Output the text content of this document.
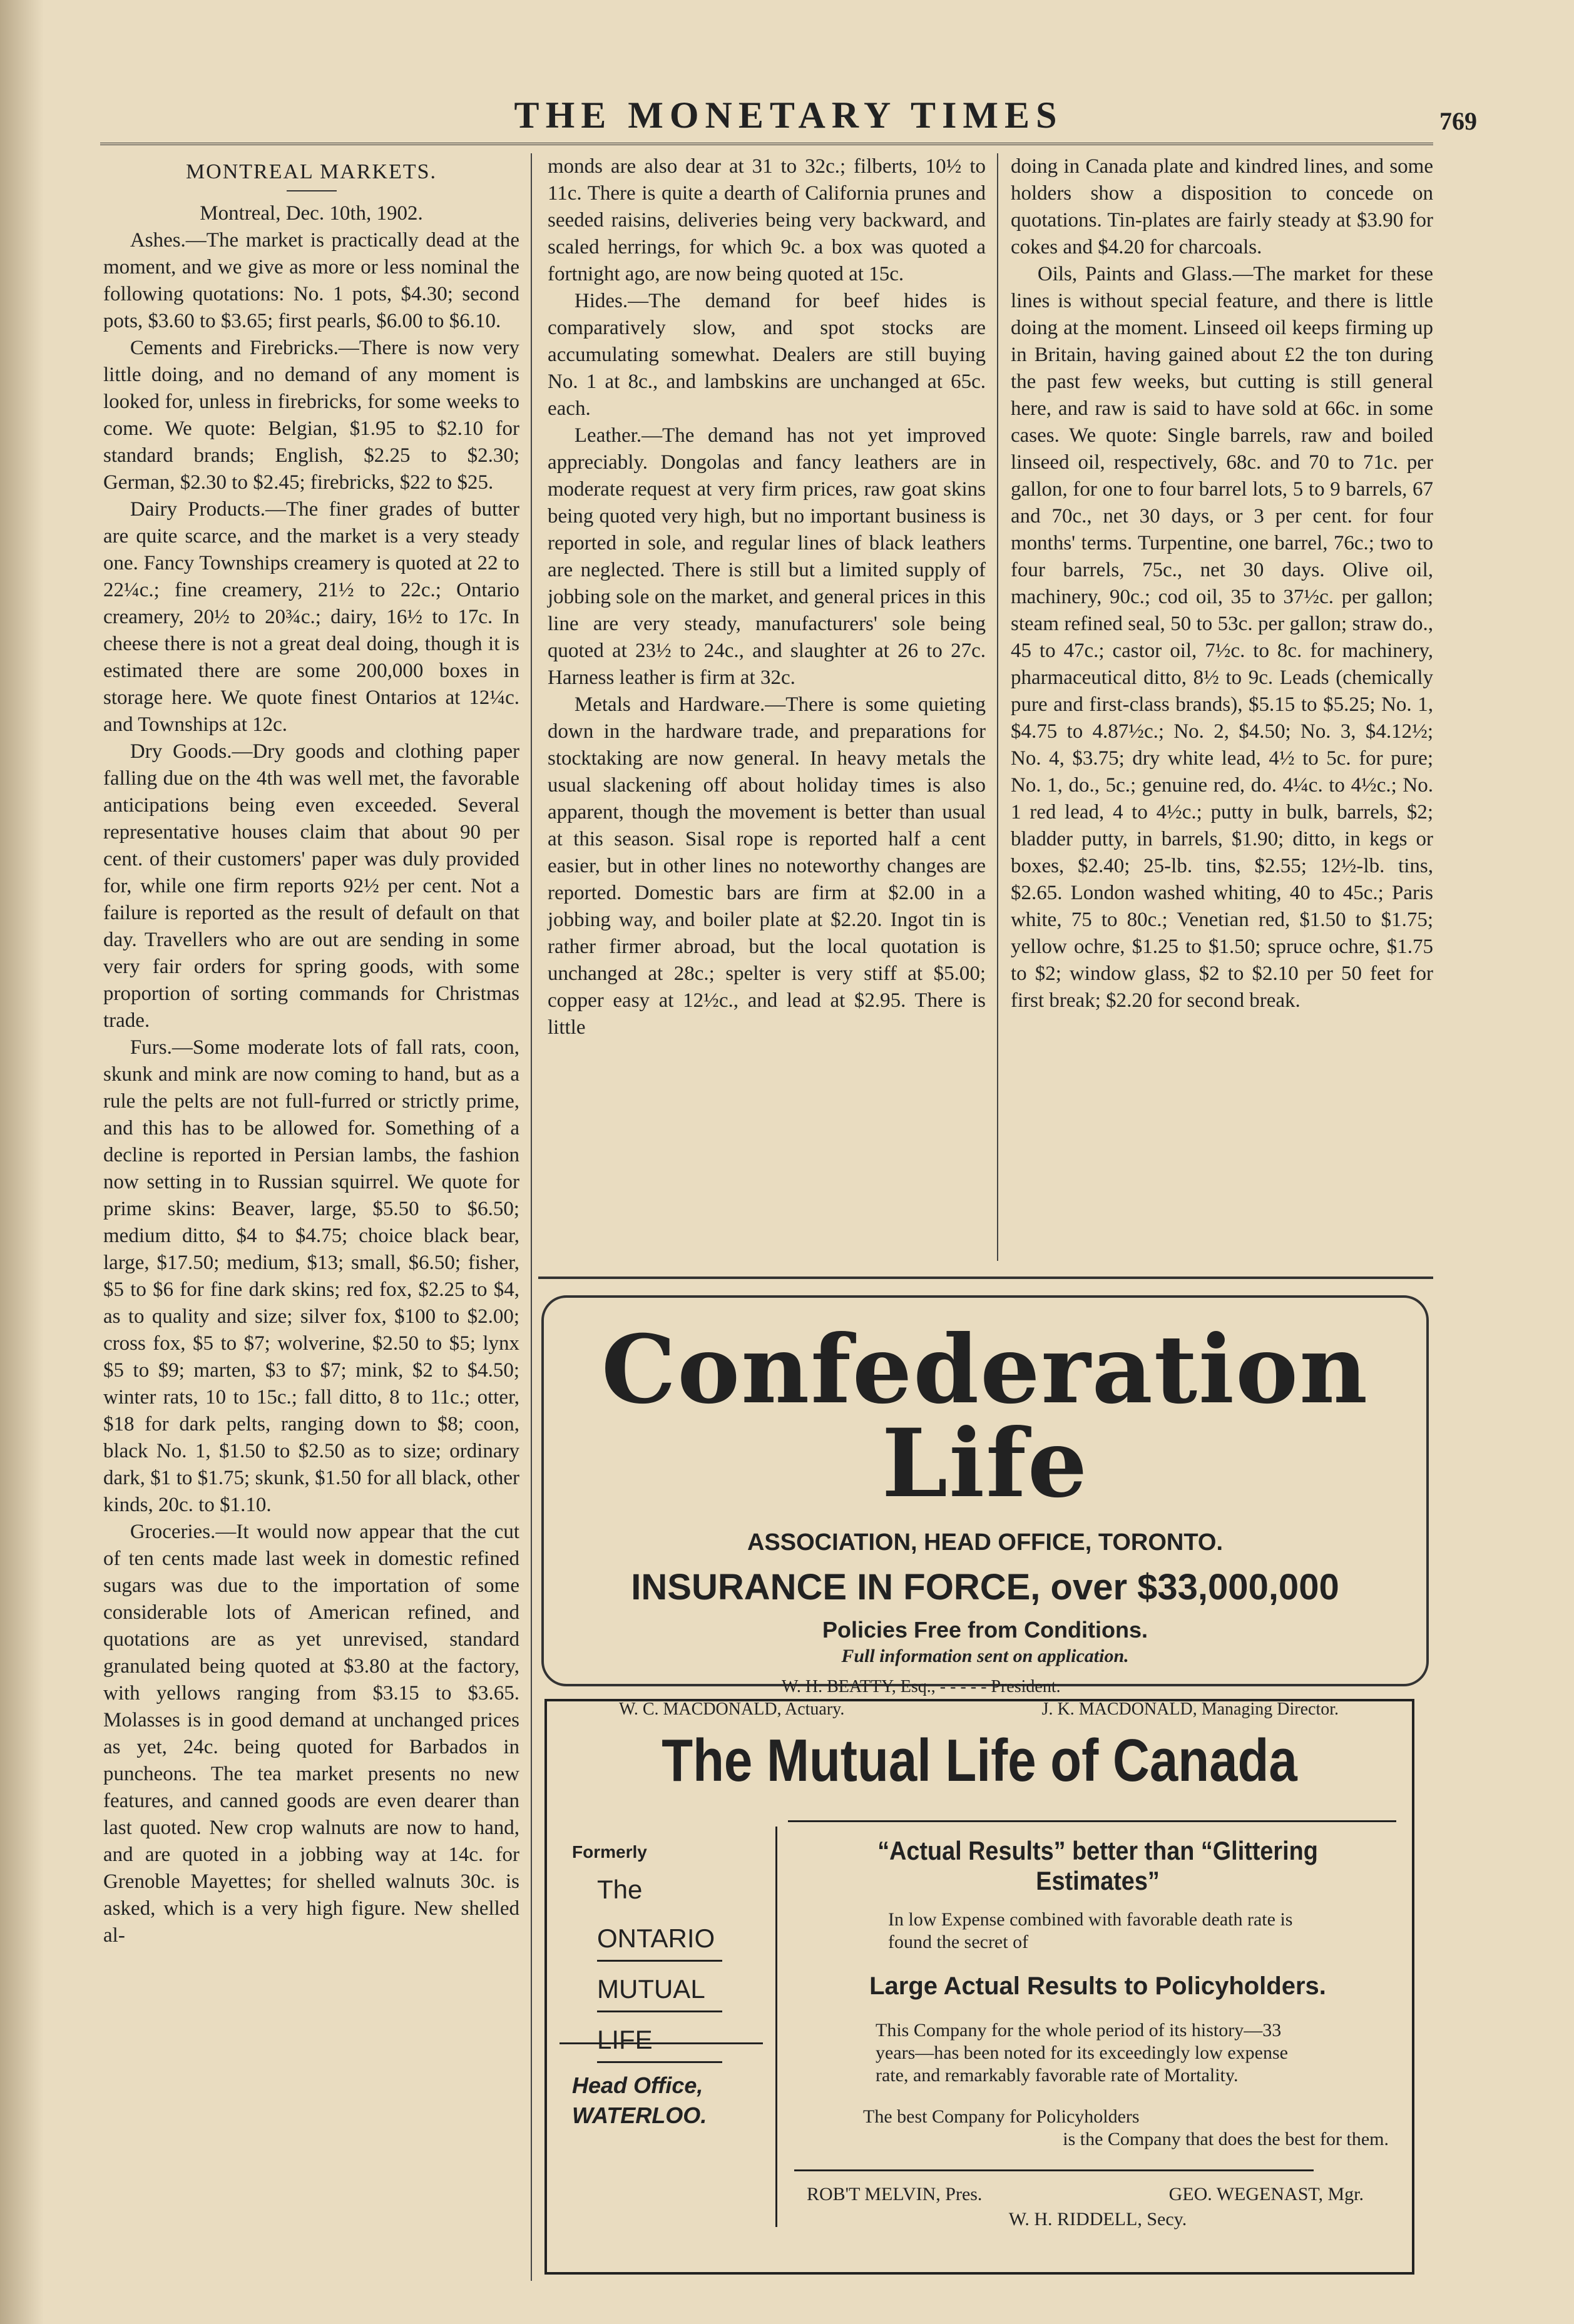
THE MONETARY TIMES	769
MONTREAL MARKETS.

Montreal, Dec. 10th, 1902.

Ashes.—The market is practically dead at the moment, and we give as more or less nominal the following quotations: No. 1 pots, $4.30; second pots, $3.60 to $3.65; first pearls, $6.00 to $6.10.

Cements and Firebricks.—There is now very little doing, and no demand of any moment is looked for, unless in firebricks, for some weeks to come. We quote: Belgian, $1.95 to $2.10 for standard brands; English, $2.25 to $2.30; German, $2.30 to $2.45; firebricks, $22 to $25.

Dairy Products.—The finer grades of butter are quite scarce, and the market is a very steady one. Fancy Townships creamery is quoted at 22 to 22¼c.; fine creamery, 21½ to 22c.; Ontario creamery, 20½ to 20¾c.; dairy, 16½ to 17c. In cheese there is not a great deal doing, though it is estimated there are some 200,000 boxes in storage here. We quote finest Ontarios at 12¼c. and Townships at 12c.

Dry Goods.—Dry goods and clothing paper falling due on the 4th was well met, the favorable anticipations being even exceeded. Several representative houses claim that about 90 per cent. of their customers' paper was duly provided for, while one firm reports 92½ per cent. Not a failure is reported as the result of default on that day. Travellers who are out are sending in some very fair orders for spring goods, with some proportion of sorting commands for Christmas trade.

Furs.—Some moderate lots of fall rats, coon, skunk and mink are now coming to hand, but as a rule the pelts are not full-furred or strictly prime, and this has to be allowed for. Something of a decline is reported in Persian lambs, the fashion now setting in to Russian squirrel. We quote for prime skins: Beaver, large, $5.50 to $6.50; medium ditto, $4 to $4.75; choice black bear, large, $17.50; medium, $13; small, $6.50; fisher, $5 to $6 for fine dark skins; red fox, $2.25 to $4, as to quality and size; silver fox, $100 to $2.00; cross fox, $5 to $7; wolverine, $2.50 to $5; lynx $5 to $9; marten, $3 to $7; mink, $2 to $4.50; winter rats, 10 to 15c.; fall ditto, 8 to 11c.; otter, $18 for dark pelts, ranging down to $8; coon, black No. 1, $1.50 to $2.50 as to size; ordinary dark, $1 to $1.75; skunk, $1.50 for all black, other kinds, 20c. to $1.10.

Groceries.—It would now appear that the cut of ten cents made last week in domestic refined sugars was due to the importation of some considerable lots of American refined, and quotations are as yet unrevised, standard granulated being quoted at $3.80 at the factory, with yellows ranging from $3.15 to $3.65. Molasses is in good demand at unchanged prices as yet, 24c. being quoted for Barbados in puncheons. The tea market presents no new features, and canned goods are even dearer than last quoted. New crop walnuts are now to hand, and are quoted in a jobbing way at 14c. for Grenoble Mayettes; for shelled walnuts 30c. is asked, which is a very high figure. New shelled al-

monds are also dear at 31 to 32c.; filberts, 10½ to 11c. There is quite a dearth of California prunes and seeded raisins, deliveries being very backward, and scaled herrings, for which 9c. a box was quoted a fortnight ago, are now being quoted at 15c.

Hides.—The demand for beef hides is comparatively slow, and spot stocks are accumulating somewhat. Dealers are still buying No. 1 at 8c., and lambskins are unchanged at 65c. each.

Leather.—The demand has not yet improved appreciably. Dongolas and fancy leathers are in moderate request at very firm prices, raw goat skins being quoted very high, but no important business is reported in sole, and regular lines of black leathers are neglected. There is still but a limited supply of jobbing sole on the market, and general prices in this line are very steady, manufacturers' sole being quoted at 23½ to 24c., and slaughter at 26 to 27c. Harness leather is firm at 32c.

Metals and Hardware.—There is some quieting down in the hardware trade, and preparations for stocktaking are now general. In heavy metals the usual slackening off about holiday times is also apparent, though the movement is better than usual at this season. Sisal rope is reported half a cent easier, but in other lines no noteworthy changes are reported. Domestic bars are firm at $2.00 in a jobbing way, and boiler plate at $2.20. Ingot tin is rather firmer abroad, but the local quotation is unchanged at 28c.; spelter is very stiff at $5.00; copper easy at 12½c., and lead at $2.95. There is little

doing in Canada plate and kindred lines, and some holders show a disposition to concede on quotations. Tin-plates are fairly steady at $3.90 for cokes and $4.20 for charcoals.

Oils, Paints and Glass.—The market for these lines is without special feature, and there is little doing at the moment. Linseed oil keeps firming up in Britain, having gained about £2 the ton during the past few weeks, but cutting is still general here, and raw is said to have sold at 66c. in some cases. We quote: Single barrels, raw and boiled linseed oil, respectively, 68c. and 70 to 71c. per gallon, for one to four barrel lots, 5 to 9 barrels, 67 and 70c., net 30 days, or 3 per cent. for four months' terms. Turpentine, one barrel, 76c.; two to four barrels, 75c., net 30 days. Olive oil, machinery, 90c.; cod oil, 35 to 37½c. per gallon; steam refined seal, 50 to 53c. per gallon; straw do., 45 to 47c.; castor oil, 7½c. to 8c. for machinery, pharmaceutical ditto, 8½ to 9c. Leads (chemically pure and first-class brands), $5.15 to $5.25; No. 1, $4.75 to 4.87½c.; No. 2, $4.50; No. 3, $4.12½; No. 4, $3.75; dry white lead, 4½ to 5c. for pure; No. 1, do., 5c.; genuine red, do. 4¼c. to 4½c.; No. 1 red lead, 4 to 4½c.; putty in bulk, barrels, $2; bladder putty, in barrels, $1.90; ditto, in kegs or boxes, $2.40; 25-lb. tins, $2.55; 12½-lb. tins, $2.65. London washed whiting, 40 to 45c.; Paris white, 75 to 80c.; Venetian red, $1.50 to $1.75; yellow ochre, $1.25 to $1.50; spruce ochre, $1.75 to $2; window glass, $2 to $2.10 per 50 feet for first break; $2.20 for second break.

Confederation
Life
ASSOCIATION, HEAD OFFICE, TORONTO.
INSURANCE IN FORCE, over $33,000,000
Policies Free from Conditions.
Full information sent on application.
W. H. BEATTY, Esq., - - - - - President.
W. C. MACDONALD, Actuary.	J. K. MACDONALD, Managing Director.
The Mutual Life of Canada
Formerly
The
ONTARIO
MUTUAL
LIFE
Head Office,
WATERLOO.
“Actual Results” better than “Glittering Estimates”
In low Expense combined with favorable death rate is found the secret of
Large Actual Results to Policyholders.
This Company for the whole period of its history—33 years—has been noted for its exceedingly low expense rate, and remarkably favorable rate of Mortality.
The best Company for Policyholders
is the Company that does the best for them.
ROB'T MELVIN, Pres.	GEO. WEGENAST, Mgr.
W. H. RIDDELL, Secy.
